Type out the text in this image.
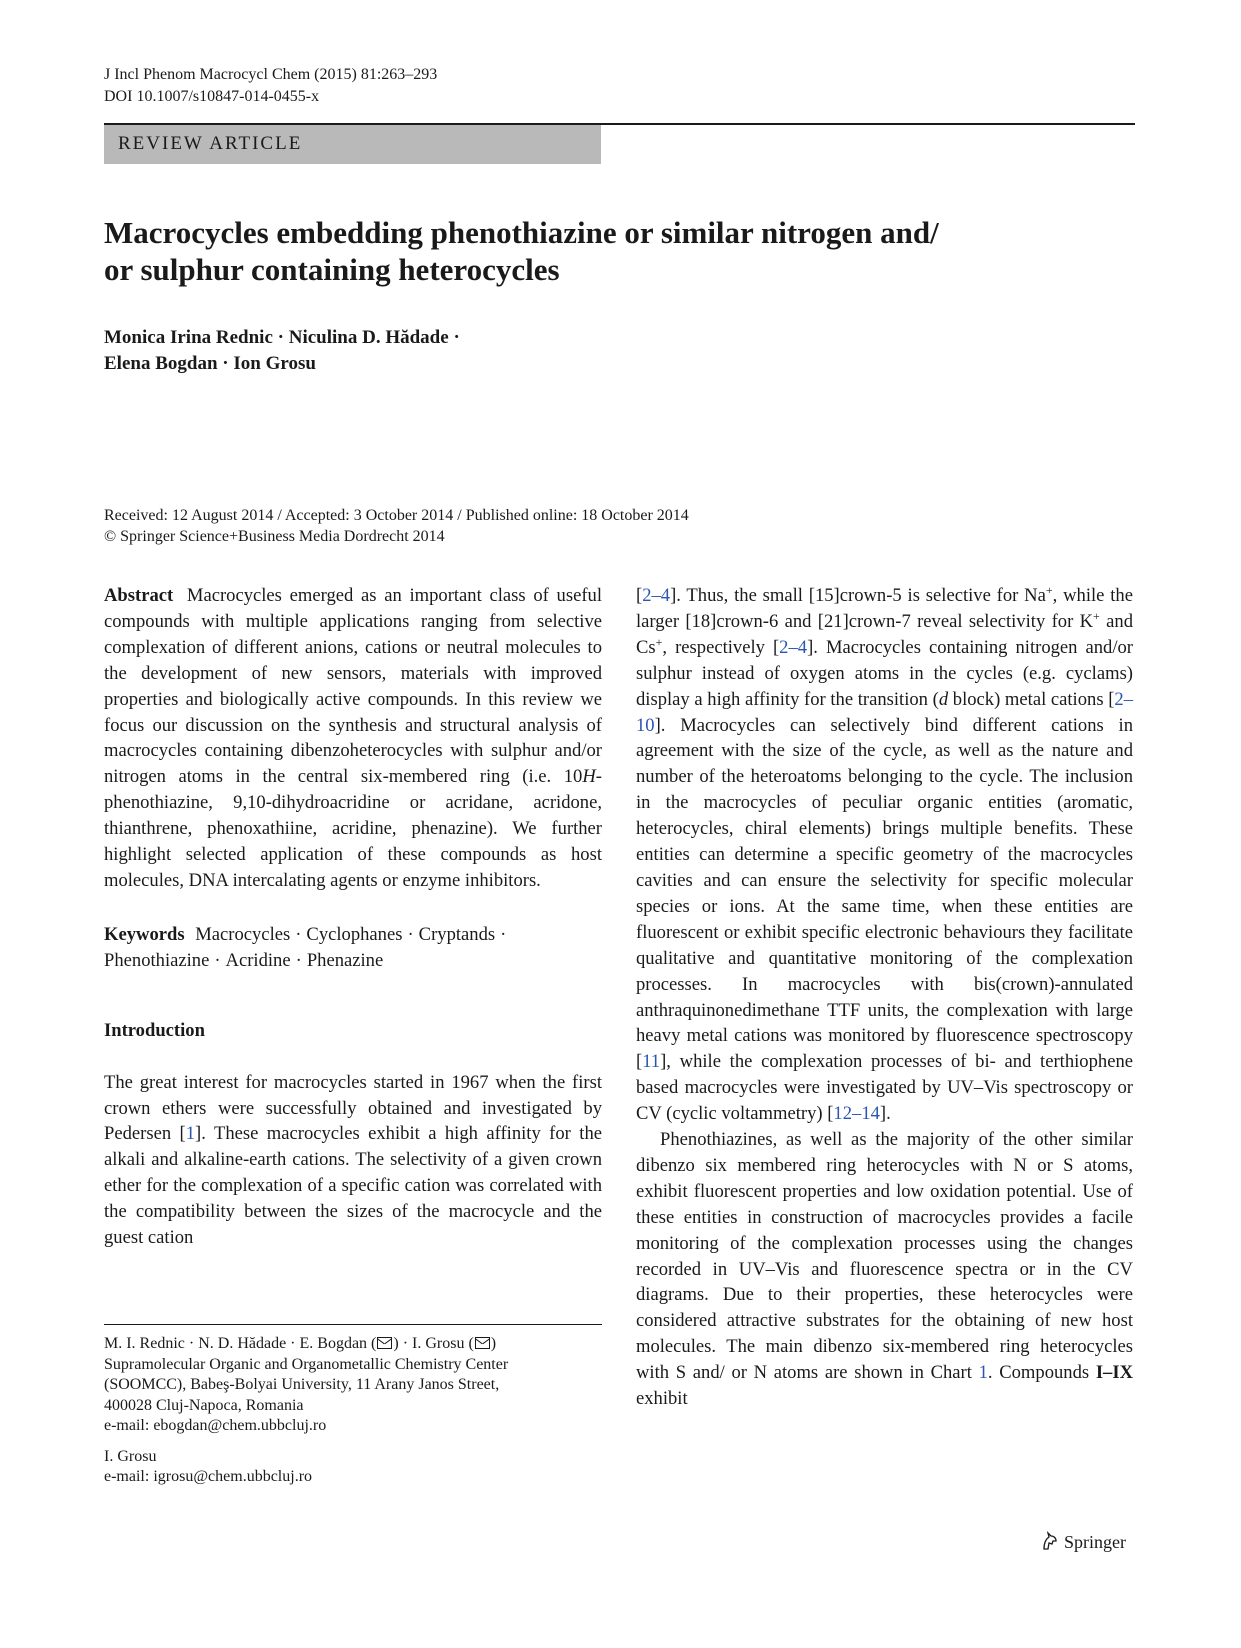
J Incl Phenom Macrocycl Chem (2015) 81:263–293
DOI 10.1007/s10847-014-0455-x
REVIEW ARTICLE
Macrocycles embedding phenothiazine or similar nitrogen and/
or sulphur containing heterocycles
Monica Irina Rednic · Niculina D. Hădade ·
Elena Bogdan · Ion Grosu
Received: 12 August 2014 / Accepted: 3 October 2014 / Published online: 18 October 2014
© Springer Science+Business Media Dordrecht 2014

Abstract Macrocycles emerged as an important class of useful compounds with multiple applications ranging from selective complexation of different anions, cations or neutral molecules to the development of new sensors, materials with improved properties and biologically active compounds. In this review we focus our discussion on the synthesis and structural analysis of macrocycles containing dibenzoheterocycles with sulphur and/or nitrogen atoms in the central six-membered ring (i.e. 10H-phenothiazine, 9,10-dihydroacridine or acridane, acridone, thianthrene, phenoxathiine, acridine, phenazine). We further highlight selected application of these compounds as host molecules, DNA intercalating agents or enzyme inhibitors.

Keywords Macrocycles · Cyclophanes · Cryptands ·
Phenothiazine · Acridine · Phenazine

Introduction

The great interest for macrocycles started in 1967 when the first crown ethers were successfully obtained and investigated by Pedersen [1]. These macrocycles exhibit a high affinity for the alkali and alkaline-earth cations. The selectivity of a given crown ether for the complexation of a specific cation was correlated with the compatibility between the sizes of the macrocycle and the guest cation

M. I. Rednic · N. D. Hădade · E. Bogdan ( ) · I. Grosu ( )
Supramolecular Organic and Organometallic Chemistry Center
(SOOMCC), Babeş-Bolyai University, 11 Arany Janos Street,
400028 Cluj-Napoca, Romania
e-mail: ebogdan@chem.ubbcluj.ro
I. Grosu
e-mail: igrosu@chem.ubbcluj.ro

[2–4]. Thus, the small [15]crown-5 is selective for Na+, while the larger [18]crown-6 and [21]crown-7 reveal selectivity for K+ and Cs+, respectively [2–4]. Macrocycles containing nitrogen and/or sulphur instead of oxygen atoms in the cycles (e.g. cyclams) display a high affinity for the transition (d block) metal cations [2–10]. Macrocycles can selectively bind different cations in agreement with the size of the cycle, as well as the nature and number of the heteroatoms belonging to the cycle. The inclusion in the macrocycles of peculiar organic entities (aromatic, heterocycles, chiral elements) brings multiple benefits. These entities can determine a specific geometry of the macrocycles cavities and can ensure the selectivity for specific molecular species or ions. At the same time, when these entities are fluorescent or exhibit specific electronic behaviours they facilitate qualitative and quantitative monitoring of the complexation processes. In macrocycles with bis(crown)-annulated anthraquinonedimethane TTF units, the complexation with large heavy metal cations was monitored by fluorescence spectroscopy [11], while the complexation processes of bi- and terthiophene based macrocycles were investigated by UV–Vis spectroscopy or CV (cyclic voltammetry) [12–14].

Phenothiazines, as well as the majority of the other similar dibenzo six membered ring heterocycles with N or S atoms, exhibit fluorescent properties and low oxidation potential. Use of these entities in construction of macrocycles provides a facile monitoring of the complexation processes using the changes recorded in UV–Vis and fluorescence spectra or in the CV diagrams. Due to their properties, these heterocycles were considered attractive substrates for the obtaining of new host molecules. The main dibenzo six-membered ring heterocycles with S and/ or N atoms are shown in Chart 1. Compounds I–IX exhibit

Springer
